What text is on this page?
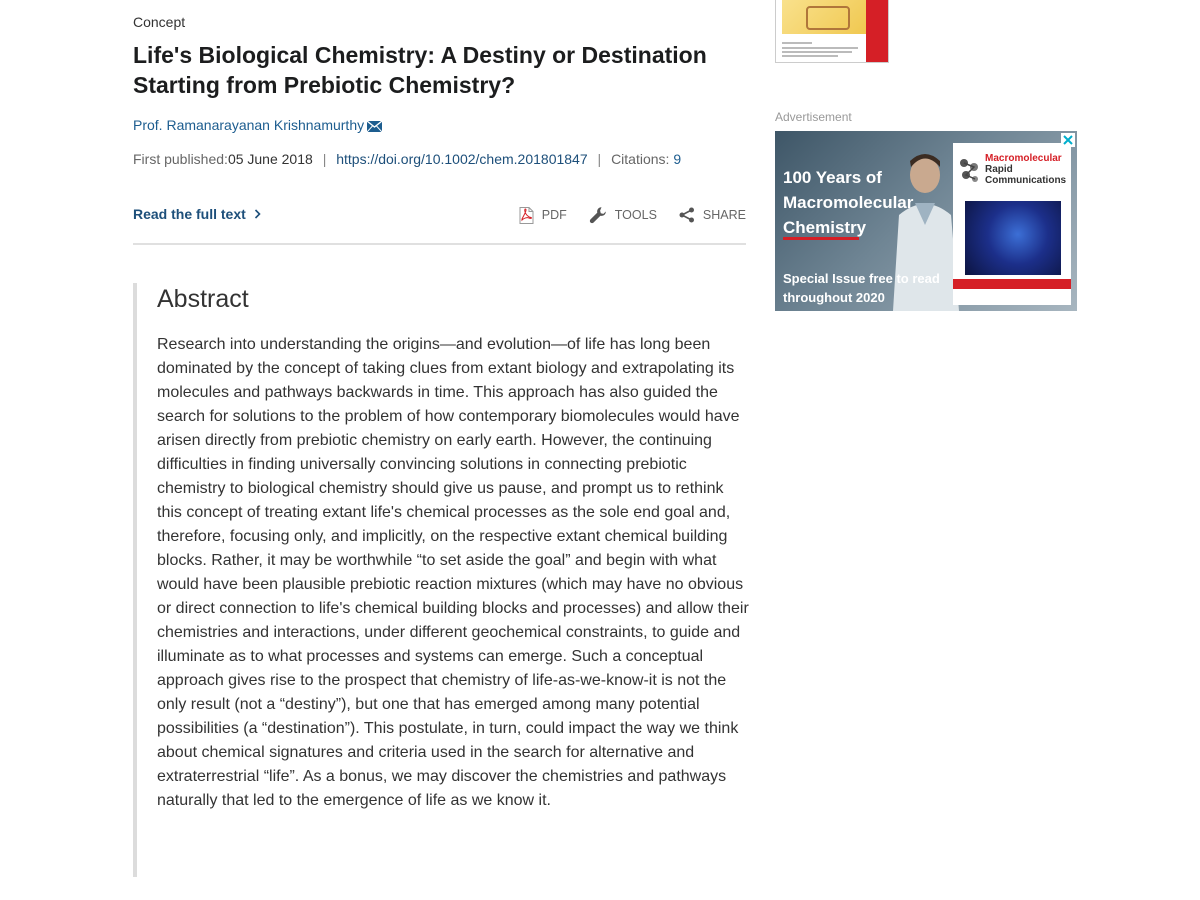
Concept
Life's Biological Chemistry: A Destiny or Destination Starting from Prebiotic Chemistry?
Prof. Ramanarayanan Krishnamurthy
First published:05 June 2018 | https://doi.org/10.1002/chem.201801847 | Citations: 9
Read the full text	PDF	TOOLS	SHARE
Abstract

Research into understanding the origins—and evolution—of life has long been dominated by the concept of taking clues from extant biology and extrapolating its molecules and pathways backwards in time. This approach has also guided the search for solutions to the problem of how contemporary biomolecules would have arisen directly from prebiotic chemistry on early earth. However, the continuing difficulties in finding universally convincing solutions in connecting prebiotic chemistry to biological chemistry should give us pause, and prompt us to rethink this concept of treating extant life's chemical processes as the sole end goal and, therefore, focusing only, and implicitly, on the respective extant chemical building blocks. Rather, it may be worthwhile “to set aside the goal” and begin with what would have been plausible prebiotic reaction mixtures (which may have no obvious or direct connection to life's chemical building blocks and processes) and allow their chemistries and interactions, under different geochemical constraints, to guide and illuminate as to what processes and systems can emerge. Such a conceptual approach gives rise to the prospect that chemistry of life-as-we-know-it is not the only result (not a “destiny”), but one that has emerged among many potential possibilities (a “destination”). This postulate, in turn, could impact the way we think about chemical signatures and criteria used in the search for alternative and extraterrestrial “life”. As a bonus, we may discover the chemistries and pathways naturally that led to the emergence of life as we know it.

Advertisement
100 Years of Macromolecular Chemistry
Special Issue free to read throughout 2020
Macromolecular
Rapid
Communications
